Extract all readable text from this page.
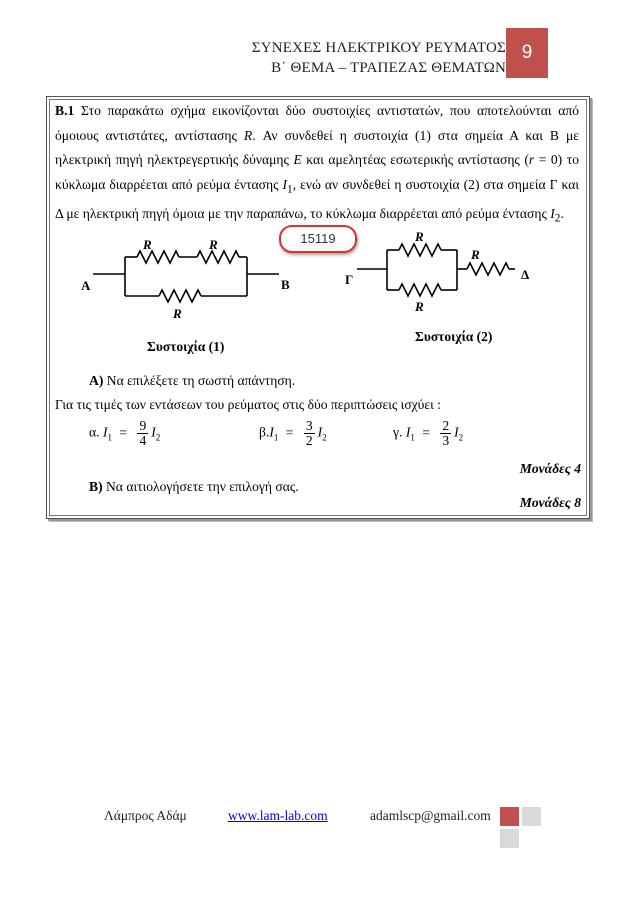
ΣΥΝΕΧΕΣ ΗΛΕΚΤΡΙΚΟΥ ΡΕΥΜΑΤΟΣ
Β΄ ΘΕΜΑ – ΤΡΑΠΕΖΑΣ ΘΕΜΑΤΩΝ
9
Β.1 Στο παρακάτω σχήμα εικονίζονται δύο συστοιχίες αντιστατών, που αποτελούνται από όμοιους αντιστάτες, αντίστασης R. Αν συνδεθεί η συστοιχία (1) στα σημεία Α και Β με ηλεκτρική πηγή ηλεκτρεγερτικής δύναμης E και αμελητέας εσωτερικής αντίστασης (r = 0) το κύκλωμα διαρρέεται από ρεύμα έντασης $I_1$, ενώ αν συνδεθεί η συστοιχία (2) στα σημεία Γ και Δ με ηλεκτρική πηγή όμοια με την παραπάνω, το κύκλωμα διαρρέεται από ρεύμα έντασης $I_2$.
15119
R	R
R
Α	Β
Συστοιχία (1)
R
R
R
Γ	Δ
Συστοιχία (2)
Α) Να επιλέξετε τη σωστή απάντηση.
Για τις τιμές των εντάσεων του ρεύματος στις δύο περιπτώσεις ισχύει :
α. $I_1 = \frac{9}{4} I_2$	$\beta.I_1 = \frac{3}{2} I_2$	γ. $I_1 = \frac{2}{3} I_2$
Μονάδες 4
Β) Να αιτιολογήσετε την επιλογή σας.
Μονάδες 8
Λάμπρος Αδάμ	www.lam-lab.com	adamlscp@gmail.com
